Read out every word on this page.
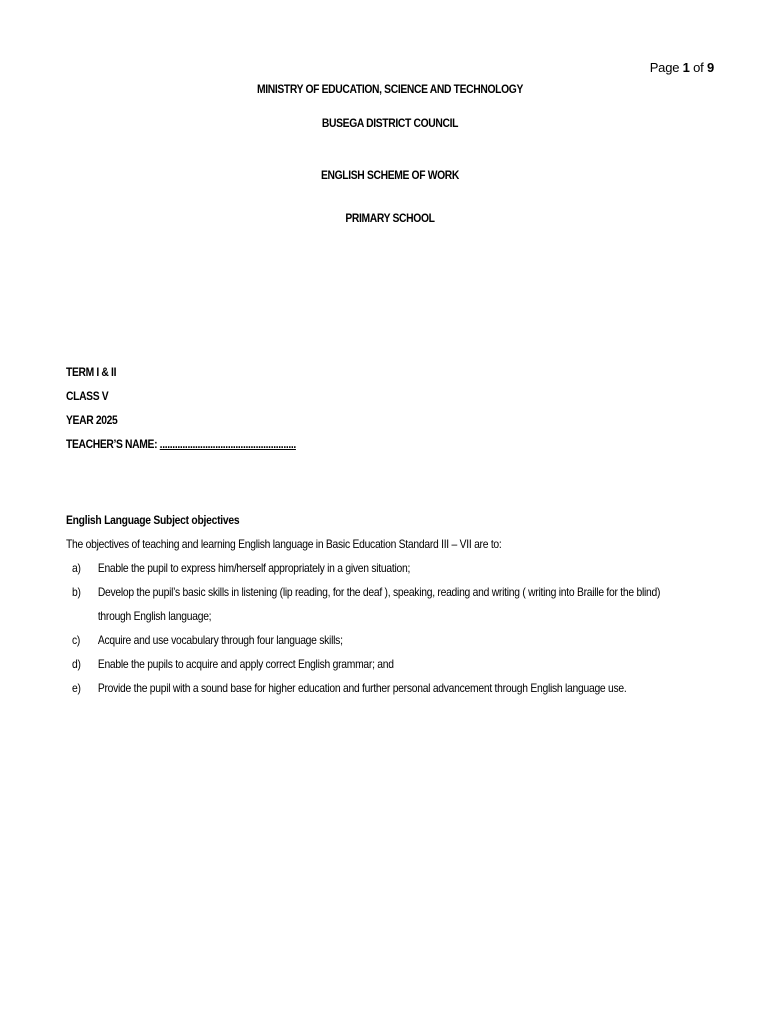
Page 1 of 9
MINISTRY OF EDUCATION, SCIENCE AND TECHNOLOGY
BUSEGA DISTRICT COUNCIL
ENGLISH SCHEME OF WORK
PRIMARY SCHOOL
TERM I & II
CLASS V
YEAR 2025
TEACHER’S NAME: ......................................................
English Language Subject objectives
The objectives of teaching and learning English language in Basic Education Standard III – VII are to:
a)	Enable the pupil to express him/herself appropriately in a given situation;
b)	Develop the pupil’s basic skills in listening (lip reading, for the deaf ), speaking, reading and writing ( writing into Braille for the blind) through English language;
c)	Acquire and use vocabulary through four language skills;
d)	Enable the pupils to acquire and apply correct English grammar; and
e)	Provide the pupil with a sound base for higher education and further personal advancement through English language use.
